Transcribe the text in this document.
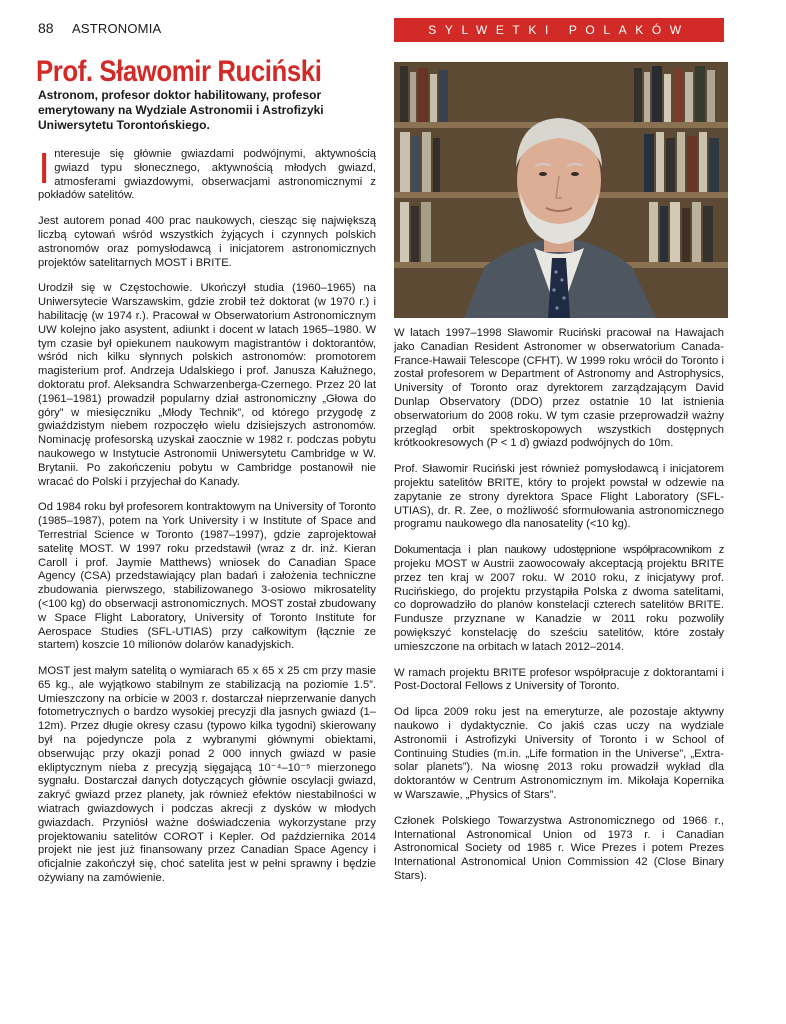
88 ASTRONOMIA	SYLWETKI POLAKÓW
Prof. Sławomir Ruciński
Astronom, profesor doktor habilitowany, profesor emerytowany na Wydziale Astronomii i Astrofizyki Uniwersytetu Torontońskiego.

Interesuje się głównie gwiazdami podwójnymi, aktywnością gwiazd typu słonecznego, aktywnością młodych gwiazd, atmosferami gwiazdowymi, obserwacjami astronomicznymi z pokładów satelitów.

Jest autorem ponad 400 prac naukowych, ciesząc się największą liczbą cytowań wśród wszystkich żyjących i czynnych polskich astronomów oraz pomysłodawcą i inicjatorem astronomicznych projektów satelitarnych MOST i BRITE.

Urodził się w Częstochowie. Ukończył studia (1960–1965) na Uniwersytecie Warszawskim, gdzie zrobił też doktorat (w 1970 r.) i habilitację (w 1974 r.). Pracował w Obserwatorium Astronomicznym UW kolejno jako asystent, adiunkt i docent w latach 1965–1980. W tym czasie był opiekunem naukowym magistrantów i doktorantów, wśród nich kilku słynnych polskich astronomów: promotorem magisterium prof. Andrzeja Udalskiego i prof. Janusza Kałużnego, doktoratu prof. Aleksandra Schwarzenberga-Czernego. Przez 20 lat (1961–1981) prowadził popularny dział astronomiczny „Głowa do góry” w miesięczniku „Młody Technik”, od którego przygodę z gwiaździstym niebem rozpoczęło wielu dzisiejszych astronomów. Nominację profesorską uzyskał zaocznie w 1982 r. podczas pobytu naukowego w Instytucie Astronomii Uniwersytetu Cambridge w W. Brytanii. Po zakończeniu pobytu w Cambridge postanowił nie wracać do Polski i przyjechał do Kanady.

Od 1984 roku był profesorem kontraktowym na University of Toronto (1985–1987), potem na York University i w Institute of Space and Terrestrial Science w Toronto (1987–1997), gdzie zaprojektował satelitę MOST. W 1997 roku przedstawił (wraz z dr. inż. Kieran Caroll i prof. Jaymie Matthews) wniosek do Canadian Space Agency (CSA) przedstawiający plan badań i założenia techniczne zbudowania pierwszego, stabilizowanego 3-osiowo mikrosatelity (<100 kg) do obserwacji astronomicznych. MOST został zbudowany w Space Flight Laboratory, University of Toronto Institute for Aerospace Studies (SFL-UTIAS) przy całkowitym (łącznie ze startem) koszcie 10 milionów dolarów kanadyjskich.

MOST jest małym satelitą o wymiarach 65 x 65 x 25 cm przy masie 65 kg., ale wyjątkowo stabilnym ze stabilizacją na poziomie 1.5”. Umieszczony na orbicie w 2003 r. dostarczał nieprzerwanie danych fotometrycznych o bardzo wysokiej precyzji dla jasnych gwiazd (1–12m). Przez długie okresy czasu (typowo kilka tygodni) skierowany był na pojedyncze pola z wybranymi głównymi obiektami, obserwując przy okazji ponad 2 000 innych gwiazd w pasie ekliptycznym nieba z precyzją sięgającą 10⁻⁴–10⁻⁵ mierzonego sygnału. Dostarczał danych dotyczących głównie oscylacji gwiazd, zakryć gwiazd przez planety, jak również efektów niestabilności w wiatrach gwiazdowych i podczas akrecji z dysków w młodych gwiazdach. Przyniósł ważne doświadczenia wykorzystane przy projektowaniu satelitów COROT i Kepler. Od października 2014 projekt nie jest już finansowany przez Canadian Space Agency i oficjalnie zakończył się, choć satelita jest w pełni sprawny i będzie ożywiany na zamówienie.

W latach 1997–1998 Sławomir Ruciński pracował na Hawajach jako Canadian Resident Astronomer w obserwatorium Canada-France-Hawaii Telescope (CFHT). W 1999 roku wrócił do Toronto i został profesorem w Department of Astronomy and Astrophysics, University of Toronto oraz dyrektorem zarządzającym David Dunlap Observatory (DDO) przez ostatnie 10 lat istnienia obserwatorium do 2008 roku. W tym czasie przeprowadził ważny przegląd orbit spektroskopowych wszystkich dostępnych krótkookresowych (P < 1 d) gwiazd podwójnych do 10m.

Prof. Sławomir Ruciński jest również pomysłodawcą i inicjatorem projektu satelitów BRITE, który to projekt powstał w odzewie na zapytanie ze strony dyrektora Space Flight Laboratory (SFL-UTIAS), dr. R. Zee, o możliwość sformułowania astronomicznego programu naukowego dla nanosatelity (<10 kg).

Dokumentacja i plan naukowy udostępnione współpracownikom z projeku MOST w Austrii zaowocowały akceptacją projektu BRITE przez ten kraj w 2007 roku. W 2010 roku, z inicjatywy prof. Rucińskiego, do projektu przystąpiła Polska z dwoma satelitami, co doprowadziło do planów konstelacji czterech satelitów BRITE. Fundusze przyznane w Kanadzie w 2011 roku pozwoliły powiększyć konstelację do sześciu satelitów, które zostały umieszczone na orbitach w latach 2012–2014.

W ramach projektu BRITE profesor współpracuje z doktorantami i Post-Doctoral Fellows z University of Toronto.

Od lipca 2009 roku jest na emeryturze, ale pozostaje aktywny naukowo i dydaktycznie. Co jakiś czas uczy na wydziale Astronomii i Astrofizyki University of Toronto i w School of Continuing Studies (m.in. „Life formation in the Universe”, „Extra-solar planets”). Na wiosnę 2013 roku prowadził wykład dla doktorantów w Centrum Astronomicznym im. Mikołaja Kopernika w Warszawie, „Physics of Stars”.

Członek Polskiego Towarzystwa Astronomicznego od 1966 r., International Astronomical Union od 1973 r. i Canadian Astronomical Society od 1985 r. Wice Prezes i potem Prezes International Astronomical Union Commission 42 (Close Binary Stars).
